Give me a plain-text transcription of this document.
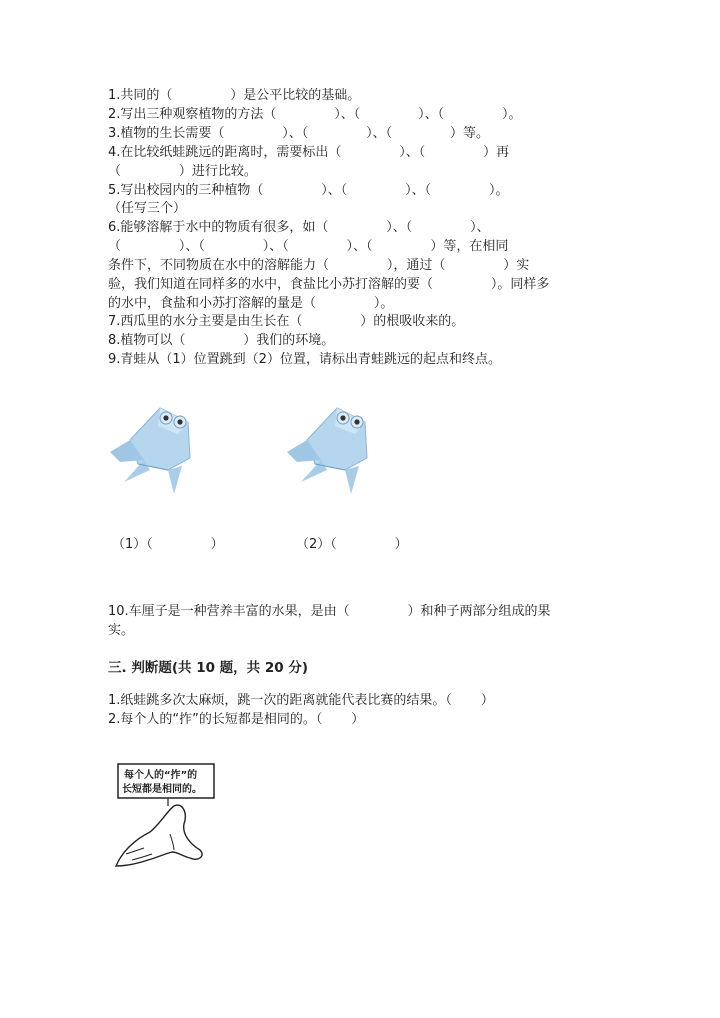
1.共同的（              ）是公平比较的基础。
2.写出三种观察植物的方法（              ）、（              ）、（              ）。
3.植物的生长需要（              ）、（              ）、（              ）等。
4.在比较纸蛙跳远的距离时，需要标出（              ）、（              ）再
（              ）进行比较。
5.写出校园内的三种植物（              ）、（              ）、（              ）。
（任写三个）
6.能够溶解于水中的物质有很多，如（              ）、（              ）、
（              ）、（              ）、（              ）、（              ）等，在相同
条件下，不同物质在水中的溶解能力（              ），通过（              ）实
验，我们知道在同样多的水中，食盐比小苏打溶解的要（              ）。同样多
的水中，食盐和小苏打溶解的量是（              ）。
7.西瓜里的水分主要是由生长在（              ）的根吸收来的。
8.植物可以（              ）我们的环境。
9.青蛙从（1）位置跳到（2）位置，请标出青蛙跳远的起点和终点。
（1）（              ）	（2）（              ）
10.车厘子是一种营养丰富的水果，是由（              ）和种子两部分组成的果
实。
三. 判断题(共 10 题，共 20 分)
1.纸蛙跳多次太麻烦，跳一次的距离就能代表比赛的结果。（       ）
2.每个人的“拃”的长短都是相同的。（       ）
每个人的“拃”的
长短都是相同的。
